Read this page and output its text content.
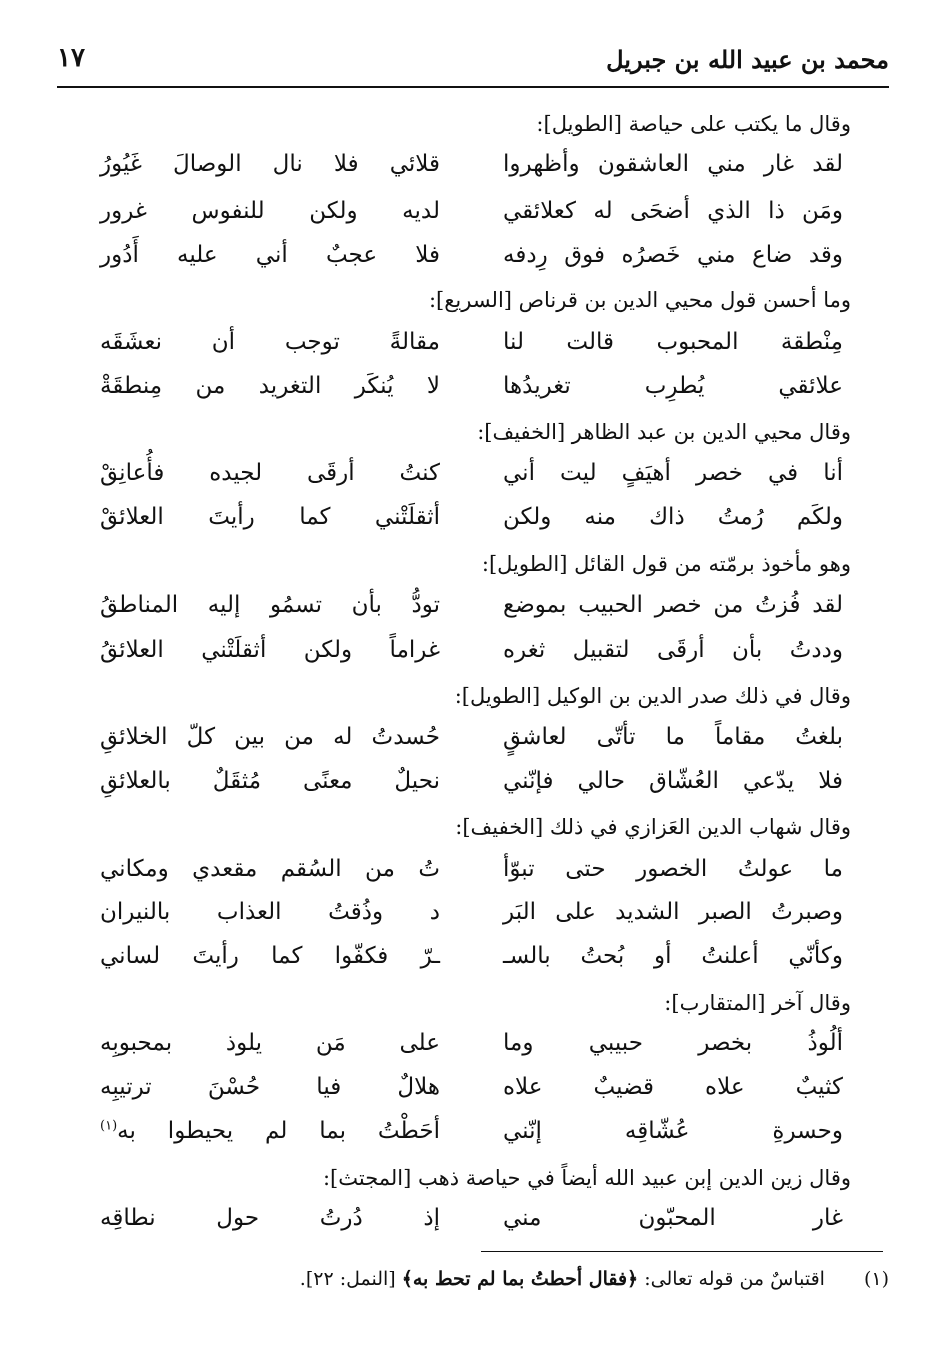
محمد بن عبيد الله بن جبريل
١٧
وقال ما يكتب على حياصة [الطويل]:
لقد غار مني العاشقون وأظهروا
قلائي فلا نال الوصالَ غَيُورُ
ومَن ذا الذي أضحَى له كعلائقي
لديه ولكن للنفوس غرور
وقد ضاع مني خَصرُه فوق رِدفه
فلا عجبٌ أني عليه أَدُور
وما أحسن قول محيي الدين بن قرناص [السريع]:
مِنْطقة المحبوب قالت لنا
مقالةً توجب أن نعشَقَه
علائقي يُطرِب تغريدُها
لا يُنكَر التغريد من مِنطقَةْ
وقال محيي الدين بن عبد الظاهر [الخفيف]:
أنا في خصر أهيَفٍ ليت أني
كنتُ أرقَى لجيده فأُعانِقْ
ولكَم رُمتُ ذاك منه ولكن
أثقلَتْني كما رأيتَ العلائقْ
وهو مأخوذ برمّته من قول القائل [الطويل]:
لقد فُزتُ من خصر الحبيب بموضع
تودُّ بأن تسمُو إليه المناطقُ
وددتُ بأن أرقَى لتقبيل ثغره
غراماً ولكن أثقلَتْني العلائقُ
وقال في ذلك صدر الدين بن الوكيل [الطويل]:
بلغتُ مقاماً ما تأتّى لعاشقٍ
حُسدتُ له من بين كلّ الخلائقِ
فلا يدّعي العُشّاق حالي فإنّني
نحيلٌ معنًى مُثقَلٌ بالعلائقِ
وقال شهاب الدين العَزازي في ذلك [الخفيف]:
ما عولتُ الخصور حتى تبوّأ
تُ من السُقم مقعدي ومكاني
وصبرتُ الصبر الشديد على البَر
د وذُقتُ العذاب بالنيران
وكأنّي أعلنتُ أو بُحتُ بالسـ
ـرّ فكفّوا كما رأيتَ لساني
وقال آخر [المتقارب]:
ألُوذُ بخصر حبيبي وما
على مَن يلوذ بمحبوبِه
كثيبٌ علاه قضيبٌ علاه
هلالٌ فيا حُسْنَ ترتيبِه
وحسرةِ عُشّاقِه إنّني
أحَطْتُ بما لم يحيطوا به$^{(١)}$
وقال زين الدين إبن عبيد الله أيضاً في حياصة ذهب [المجتث]:
غار المحبّون مني
إذ دُرتُ حول نطاقِه
(١) اقتباسٌ من قوله تعالى: ﴿فقال أحطتُ بما لم تحط به﴾ [النمل: ٢٢].
